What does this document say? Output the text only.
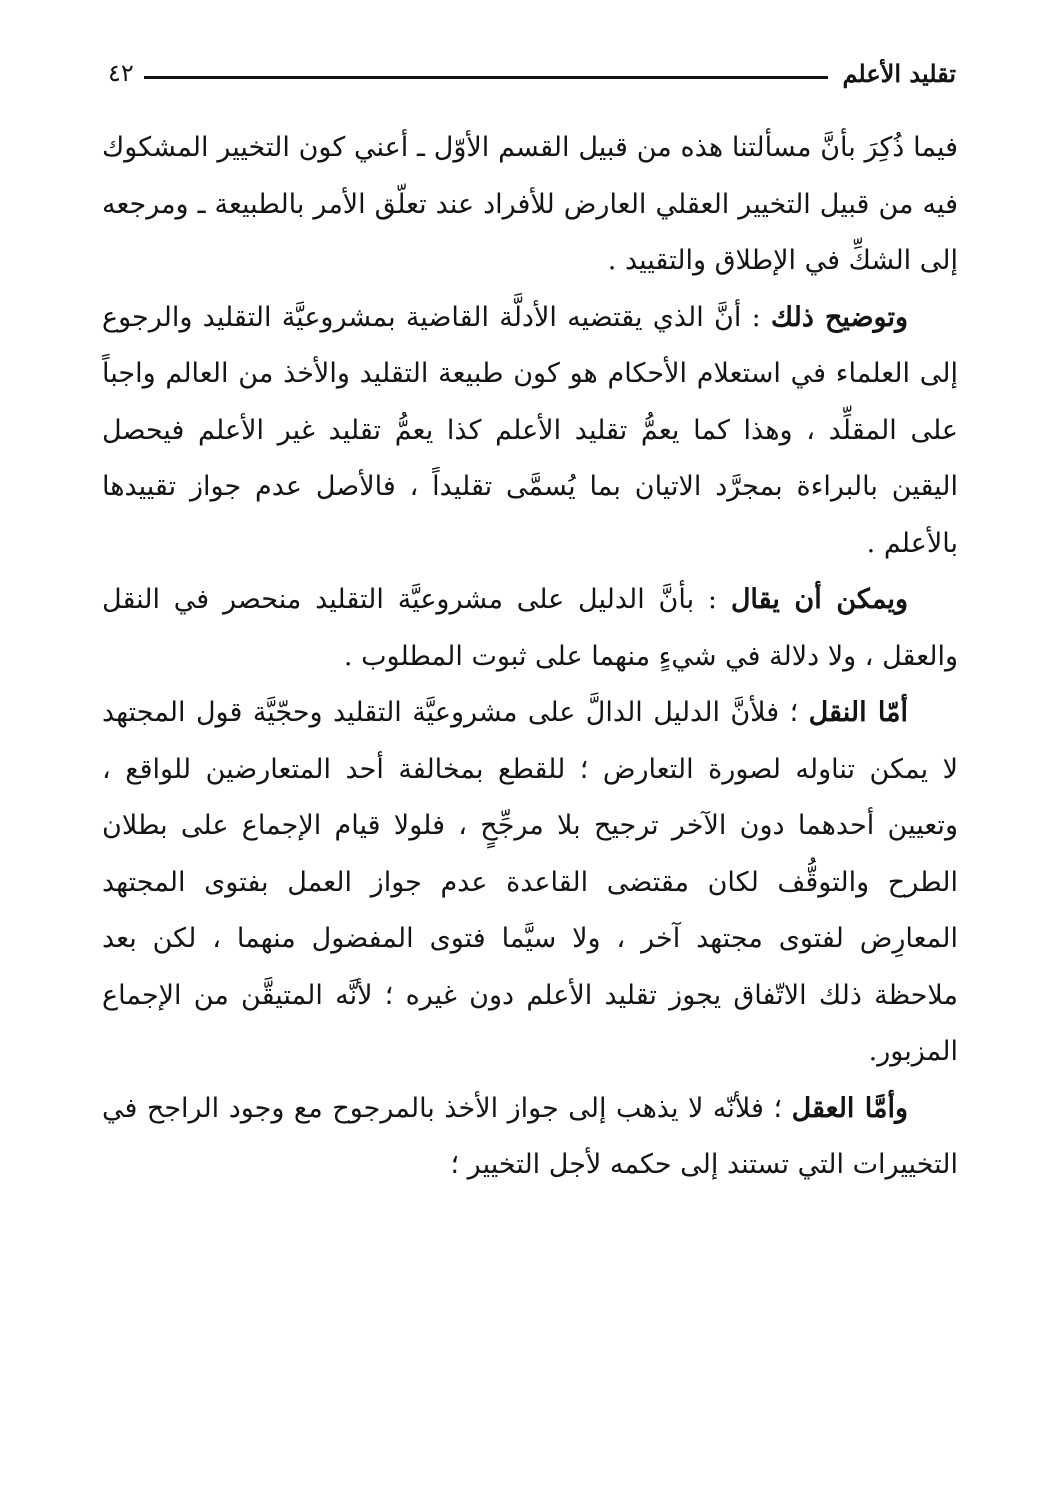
تقليد الأعلم
٤٢

فيما ذُكِرَ بأنَّ مسألتنا هذه من قبيل القسم الأوّل ـ أعني كون التخيير المشكوك فيه من قبيل التخيير العقلي العارض للأفراد عند تعلّق الأمر بالطبيعة ـ ومرجعه إلى الشكِّ في الإطلاق والتقييد .

وتوضيح ذلك : أنَّ الذي يقتضيه الأدلَّة القاضية بمشروعيَّة التقليد والرجوع إلى العلماء في استعلام الأحكام هو كون طبيعة التقليد والأخذ من العالم واجباً على المقلِّد ، وهذا كما يعمُّ تقليد الأعلم كذا يعمُّ تقليد غير الأعلم فيحصل اليقين بالبراءة بمجرَّد الاتيان بما يُسمَّى تقليداً ، فالأصل عدم جواز تقييدها بالأعلم .

ويمكن أن يقال : بأنَّ الدليل على مشروعيَّة التقليد منحصر في النقل والعقل ، ولا دلالة في شيءٍ منهما على ثبوت المطلوب .

أمّا النقل ؛ فلأنَّ الدليل الدالَّ على مشروعيَّة التقليد وحجّيَّة قول المجتهد لا يمكن تناوله لصورة التعارض ؛ للقطع بمخالفة أحد المتعارضين للواقع ، وتعيين أحدهما دون الآخر ترجيح بلا مرجِّحٍ ، فلولا قيام الإجماع على بطلان الطرح والتوقُّف لكان مقتضى القاعدة عدم جواز العمل بفتوى المجتهد المعارِض لفتوى مجتهد آخر ، ولا سيَّما فتوى المفضول منهما ، لكن بعد ملاحظة ذلك الاتّفاق يجوز تقليد الأعلم دون غيره ؛ لأنَّه المتيقَّن من الإجماع المزبور.

وأمَّا العقل ؛ فلأنّه لا يذهب إلى جواز الأخذ بالمرجوح مع وجود الراجح في التخييرات التي تستند إلى حكمه لأجل التخيير ؛
